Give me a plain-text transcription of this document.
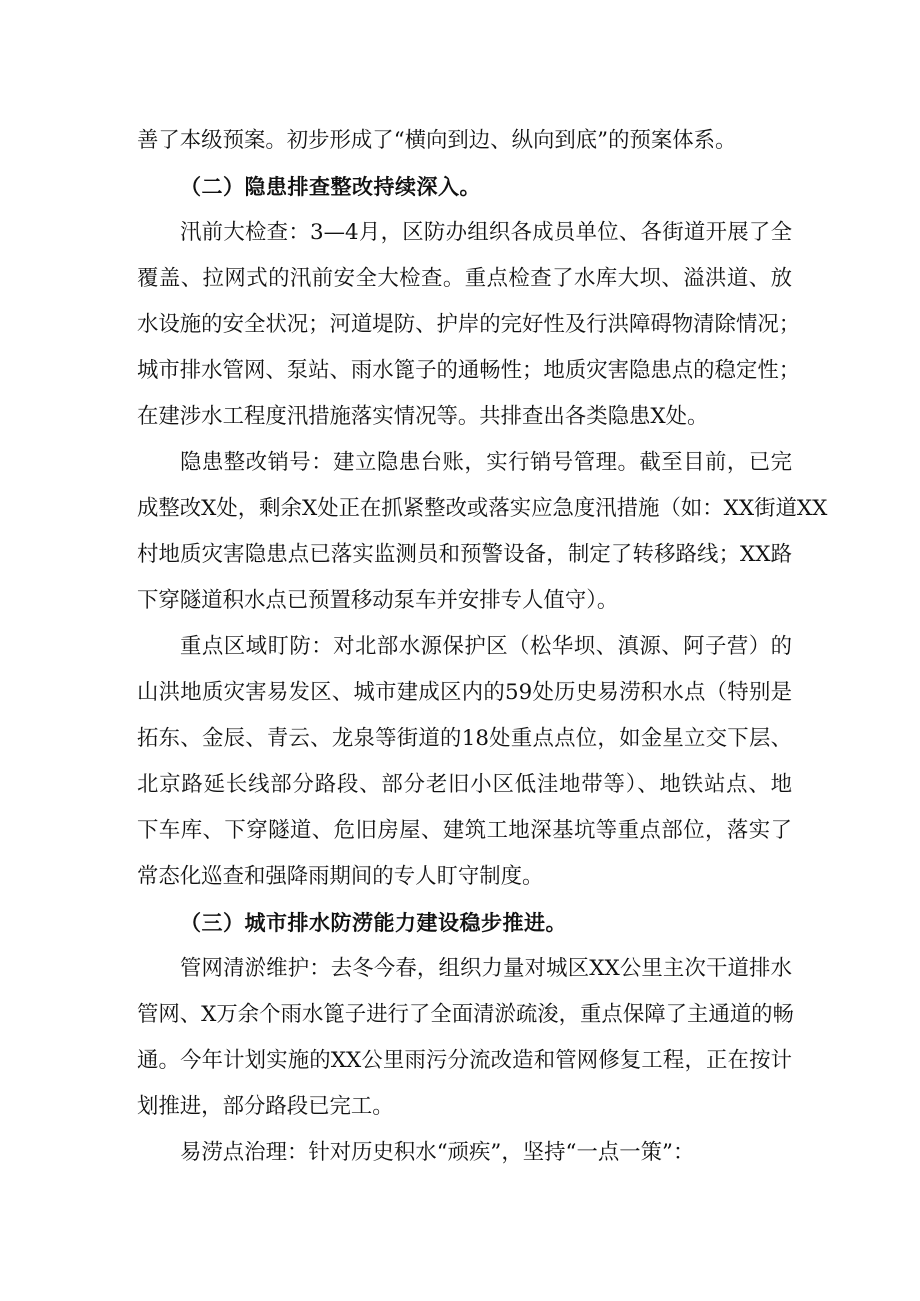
善了本级预案。初步形成了“横向到边、纵向到底”的预案体系。
（二）隐患排查整改持续深入。
汛前大检查：3—4月，区防办组织各成员单位、各街道开展了全
覆盖、拉网式的汛前安全大检查。重点检查了水库大坝、溢洪道、放
水设施的安全状况；河道堤防、护岸的完好性及行洪障碍物清除情况；
城市排水管网、泵站、雨水篦子的通畅性；地质灾害隐患点的稳定性；
在建涉水工程度汛措施落实情况等。共排查出各类隐患X处。
隐患整改销号：建立隐患台账，实行销号管理。截至目前，已完
成整改X处，剩余X处正在抓紧整改或落实应急度汛措施（如：XX街道XX
村地质灾害隐患点已落实监测员和预警设备，制定了转移路线；XX路
下穿隧道积水点已预置移动泵车并安排专人值守）。
重点区域盯防：对北部水源保护区（松华坝、滇源、阿子营）的
山洪地质灾害易发区、城市建成区内的59处历史易涝积水点（特别是
拓东、金辰、青云、龙泉等街道的18处重点点位，如金星立交下层、
北京路延长线部分路段、部分老旧小区低洼地带等）、地铁站点、地
下车库、下穿隧道、危旧房屋、建筑工地深基坑等重点部位，落实了
常态化巡查和强降雨期间的专人盯守制度。
（三）城市排水防涝能力建设稳步推进。
管网清淤维护：去冬今春，组织力量对城区XX公里主次干道排水
管网、X万余个雨水篦子进行了全面清淤疏浚，重点保障了主通道的畅
通。今年计划实施的XX公里雨污分流改造和管网修复工程，正在按计
划推进，部分路段已完工。
易涝点治理：针对历史积水“顽疾”，坚持“一点一策”：
